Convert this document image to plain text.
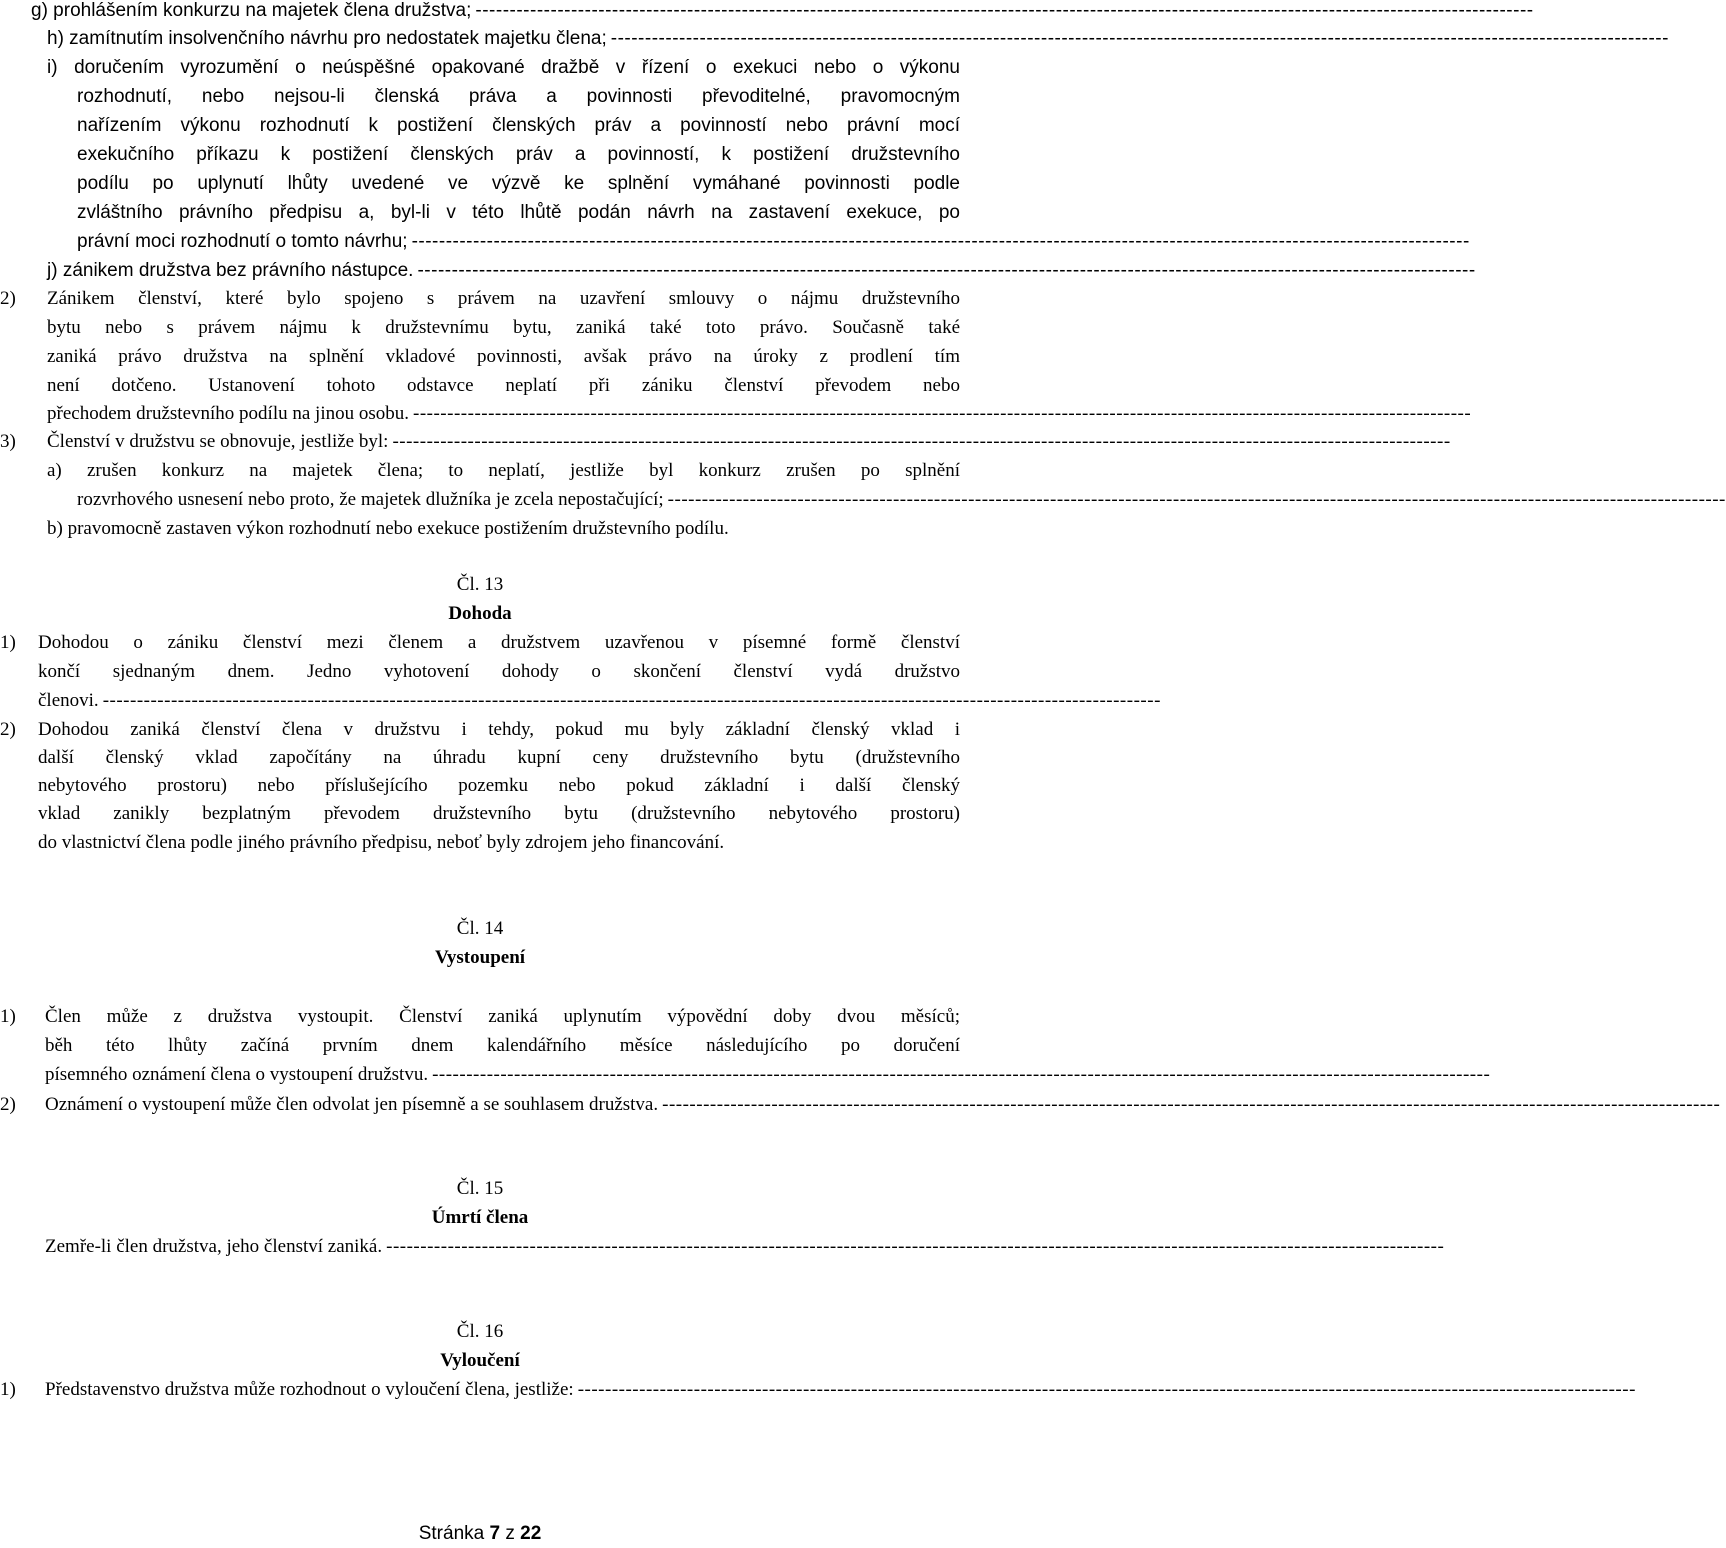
g) prohlášením konkurzu na majetek člena družstva; -----------------------------------------------------------------------------------------------------------------------------------------------------------
h) zamítnutím insolvenčního návrhu pro nedostatek majetku člena; -----------------------------------------------------------------------------------------------------------------------------------------------------------
i) doručením vyrozumění o neúspěšné opakované dražbě v řízení o exekuci nebo o výkonu
rozhodnutí, nebo nejsou-li členská práva a povinnosti převoditelné, pravomocným
nařízením výkonu rozhodnutí k postižení členských práv a povinností nebo právní mocí
exekučního příkazu k postižení členských práv a povinností, k postižení družstevního
podílu po uplynutí lhůty uvedené ve výzvě ke splnění vymáhané povinnosti podle
zvláštního právního předpisu a, byl-li v této lhůtě podán návrh na zastavení exekuce, po
právní moci rozhodnutí o tomto návrhu; -----------------------------------------------------------------------------------------------------------------------------------------------------------
j) zánikem družstva bez právního nástupce. -----------------------------------------------------------------------------------------------------------------------------------------------------------
2) Zánikem členství, které bylo spojeno s právem na uzavření smlouvy o nájmu družstevního
bytu nebo s právem nájmu k družstevnímu bytu, zaniká také toto právo. Současně také
zaniká právo družstva na splnění vkladové povinnosti, avšak právo na úroky z prodlení tím
není dotčeno. Ustanovení tohoto odstavce neplatí při zániku členství převodem nebo
přechodem družstevního podílu na jinou osobu. -----------------------------------------------------------------------------------------------------------------------------------------------------------
3) Členství v družstvu se obnovuje, jestliže byl: -----------------------------------------------------------------------------------------------------------------------------------------------------------
a) zrušen konkurz na majetek člena; to neplatí, jestliže byl konkurz zrušen po splnění
rozvrhového usnesení nebo proto, že majetek dlužníka je zcela nepostačující; -----------------------------------------------------------------------------------------------------------------------------------------------------------
b) pravomocně zastaven výkon rozhodnutí nebo exekuce postižením družstevního podílu.
Čl. 13
Dohoda
1) Dohodou o zániku členství mezi členem a družstvem uzavřenou v písemné formě členství
končí sjednaným dnem. Jedno vyhotovení dohody o skončení členství vydá družstvo
členovi. -----------------------------------------------------------------------------------------------------------------------------------------------------------
2) Dohodou zaniká členství člena v družstvu i tehdy, pokud mu byly základní členský vklad i
další členský vklad započítány na úhradu kupní ceny družstevního bytu (družstevního
nebytového prostoru) nebo příslušejícího pozemku nebo pokud základní i další členský
vklad zanikly bezplatným převodem družstevního bytu (družstevního nebytového prostoru)
do vlastnictví člena podle jiného právního předpisu, neboť byly zdrojem jeho financování.
Čl. 14
Vystoupení
1) Člen může z družstva vystoupit. Členství zaniká uplynutím výpovědní doby dvou měsíců;
běh této lhůty začíná prvním dnem kalendářního měsíce následujícího po doručení
písemného oznámení člena o vystoupení družstvu. -----------------------------------------------------------------------------------------------------------------------------------------------------------
2) Oznámení o vystoupení může člen odvolat jen písemně a se souhlasem družstva. -----------------------------------------------------------------------------------------------------------------------------------------------------------
Čl. 15
Úmrtí člena
Zemře-li člen družstva, jeho členství zaniká. -----------------------------------------------------------------------------------------------------------------------------------------------------------
Čl. 16
Vyloučení
1) Představenstvo družstva může rozhodnout o vyloučení člena, jestliže: -----------------------------------------------------------------------------------------------------------------------------------------------------------
Stránka 7 z 22
